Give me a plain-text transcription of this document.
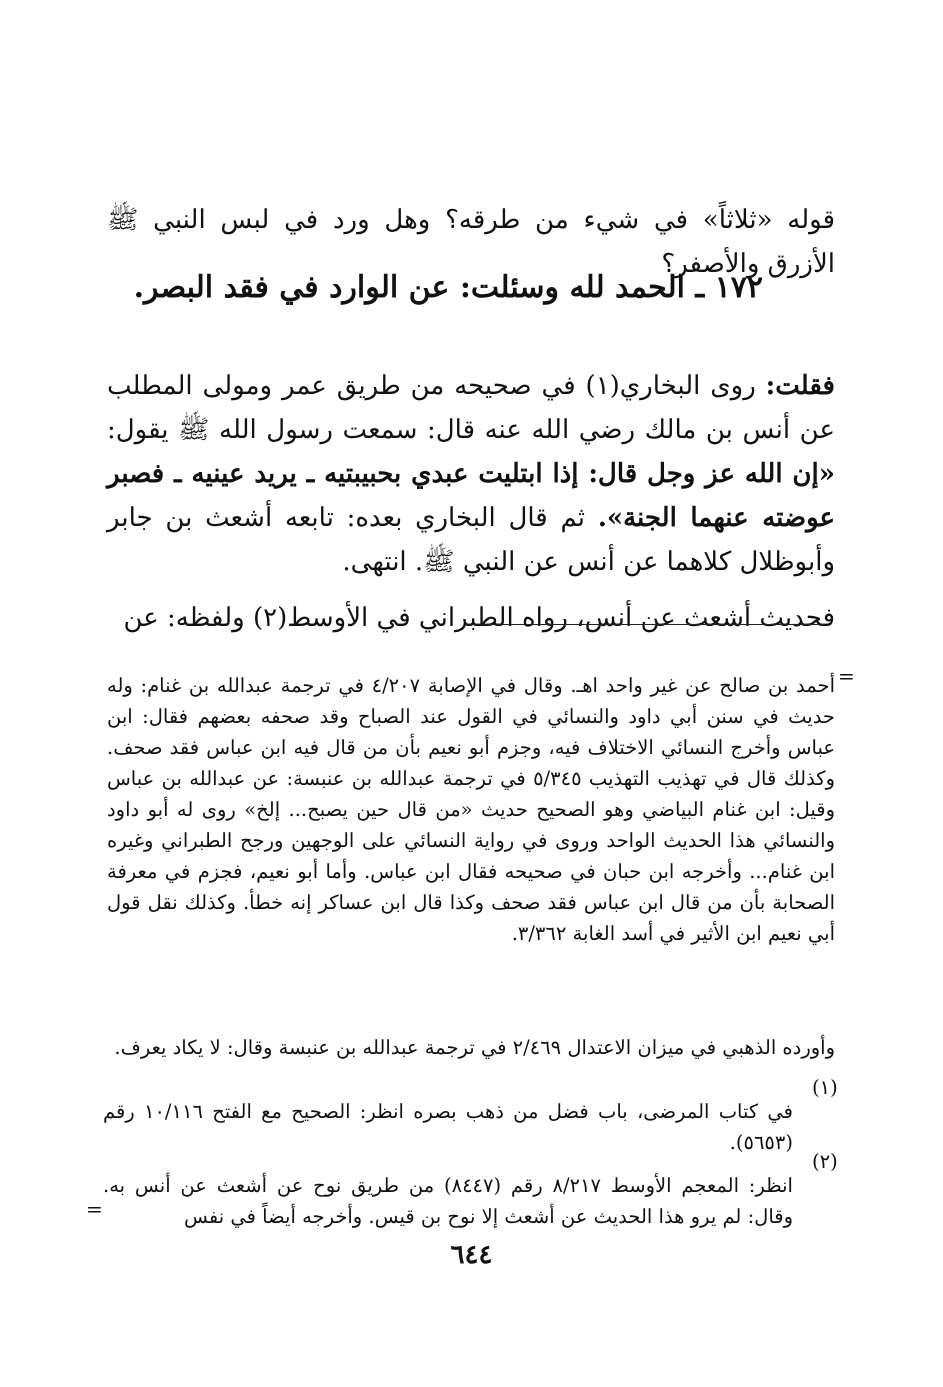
قوله «ثلاثاً» في شيء من طرقه؟ وهل ورد في لبس النبي ﷺ الأزرق والأصفر؟

١٧٢ ـ الحمد لله وسئلت: عن الوارد في فقد البصر.

فقلت: روى البخاري(١) في صحيحه من طريق عمر ومولى المطلب عن أنس بن مالك رضي الله عنه قال: سمعت رسول الله ﷺ يقول: «إن الله عز وجل قال: إذا ابتليت عبدي بحبيبتيه ـ يريد عينيه ـ فصبر عوضته عنهما الجنة». ثم قال البخاري بعده: تابعه أشعث بن جابر وأبوظلال كلاهما عن أنس عن النبي ﷺ. انتهى.

فحديث أشعث عن أنس، رواه الطبراني في الأوسط(٢) ولفظه: عن

=

أحمد بن صالح عن غير واحد اهـ. وقال في الإصابة ٤/٢٠٧ في ترجمة عبدالله بن غنام: وله حديث في سنن أبي داود والنسائي في القول عند الصباح وقد صحفه بعضهم فقال: ابن عباس وأخرج النسائي الاختلاف فيه، وجزم أبو نعيم بأن من قال فيه ابن عباس فقد صحف. وكذلك قال في تهذيب التهذيب ٥/٣٤٥ في ترجمة عبدالله بن عنبسة: عن عبدالله بن عباس وقيل: ابن غنام البياضي وهو الصحيح حديث «من قال حين يصبح... إلخ» روى له أبو داود والنسائي هذا الحديث الواحد وروى في رواية النسائي على الوجهين ورجح الطبراني وغيره ابن غنام... وأخرجه ابن حبان في صحيحه فقال ابن عباس. وأما أبو نعيم، فجزم في معرفة الصحابة بأن من قال ابن عباس فقد صحف وكذا قال ابن عساكر إنه خطأ. وكذلك نقل قول أبي نعيم ابن الأثير في أسد الغابة ٣/٣٦٢.

وأورده الذهبي في ميزان الاعتدال ٢/٤٦٩ في ترجمة عبدالله بن عنبسة وقال: لا يكاد يعرف.

(١)

في كتاب المرضى، باب فضل من ذهب بصره انظر: الصحيح مع الفتح ١٠/١١٦ رقم (٥٦٥٣).

(٢)

انظر: المعجم الأوسط ٨/٢١٧ رقم (٨٤٤٧) من طريق نوح عن أشعث عن أنس به. وقال: لم يرو هذا الحديث عن أشعث إلا نوح بن قيس. وأخرجه أيضاً في نفس

=
٦٤٤
